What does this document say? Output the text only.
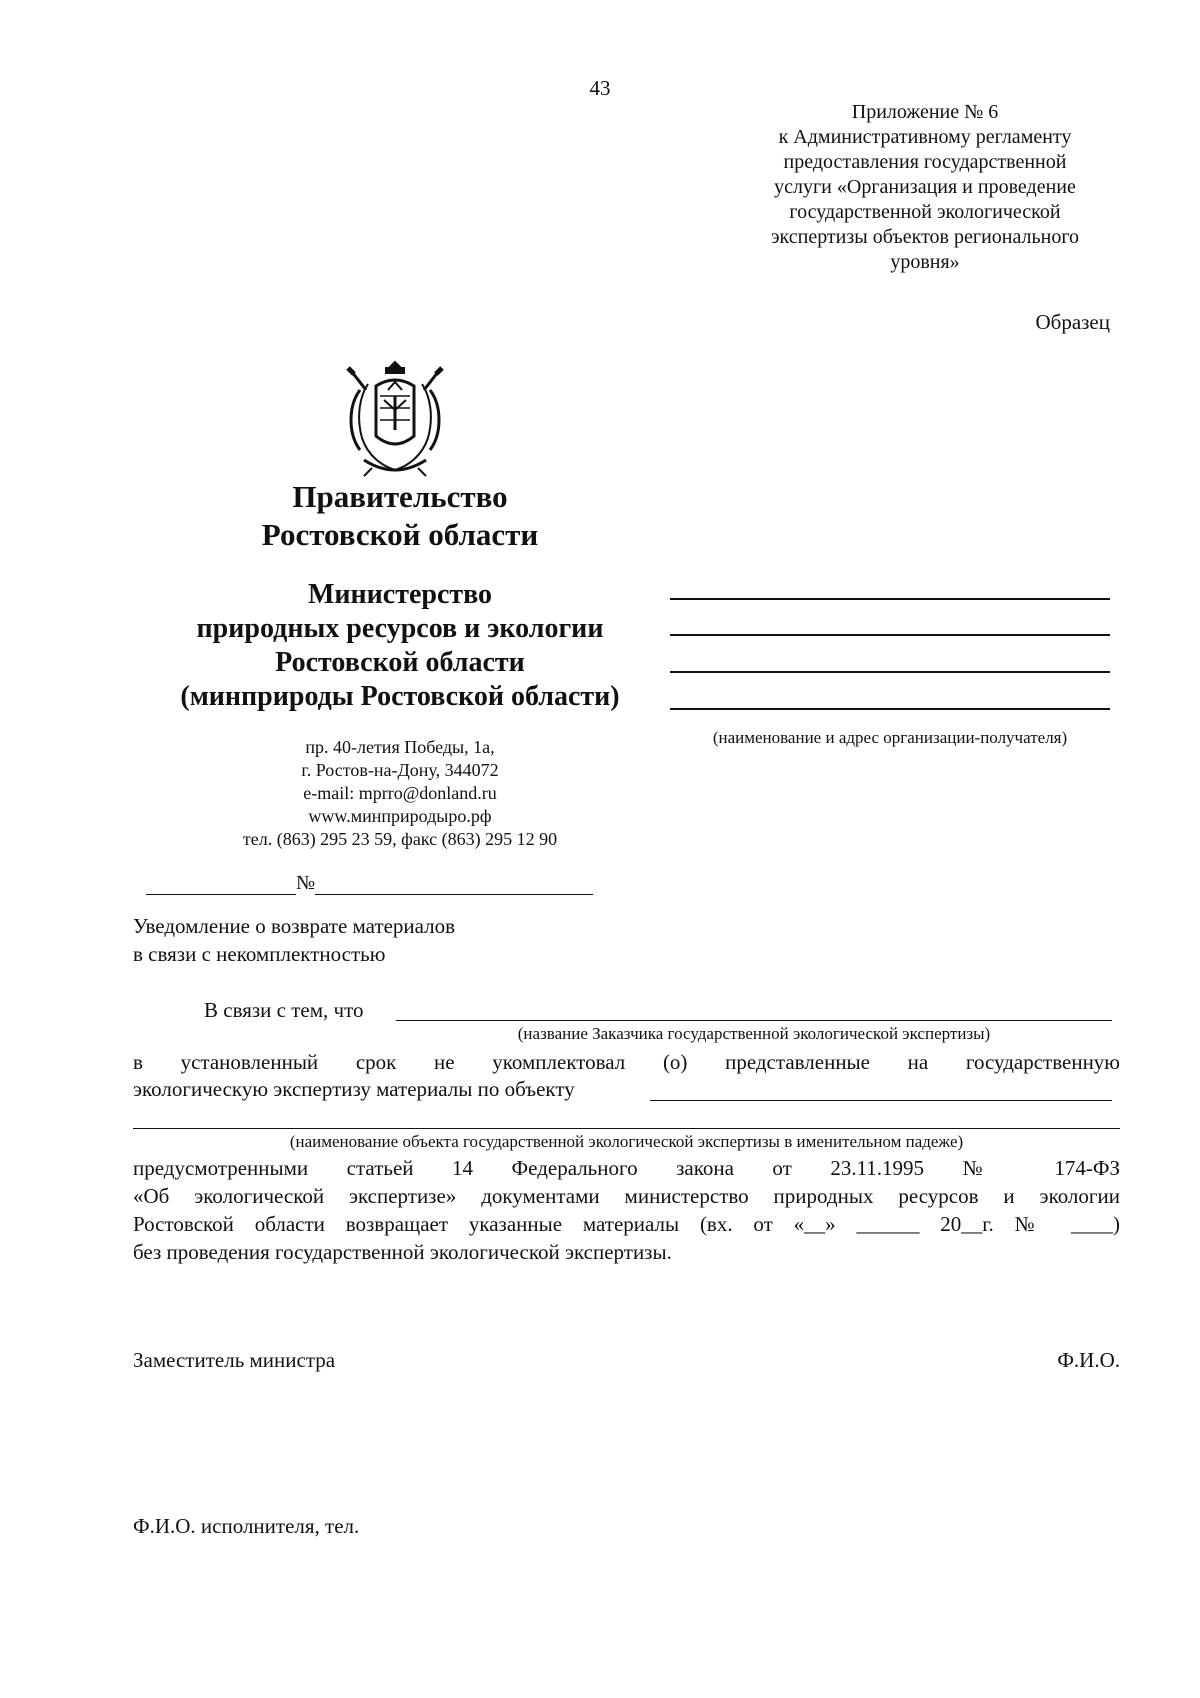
43
Приложение № 6
к Административному регламенту
предоставления государственной
услуги «Организация и проведение
государственной экологической
экспертизы объектов регионального
уровня»
Образец
Правительство
Ростовской области
Министерство
природных ресурсов и экологии
Ростовской области
(минприроды Ростовской области)
пр. 40-летия Победы, 1а,
г. Ростов-на-Дону, 344072
e-mail: mprro@donland.ru
www.минприродыро.рф
тел. (863) 295 23 59, факс (863) 295 12 90
(наименование и адрес организации-получателя)
№
Уведомление о возврате материалов
в связи с некомплектностью
В связи с тем, что
(название Заказчика государственной экологической экспертизы)
в установленный срок не укомплектовал (о) представленные на государственную
экологическую экспертизу материалы по объекту
(наименование объекта государственной экологической экспертизы в именительном падеже)
предусмотренными статьей 14 Федерального закона от 23.11.1995 № 174-ФЗ
«Об экологической экспертизе» документами министерство природных ресурсов и экологии
Ростовской области возвращает указанные материалы (вх. от «__» ______ 20__г. № ____)
без проведения государственной экологической экспертизы.
Заместитель министра	Ф.И.О.
Ф.И.О. исполнителя, тел.
